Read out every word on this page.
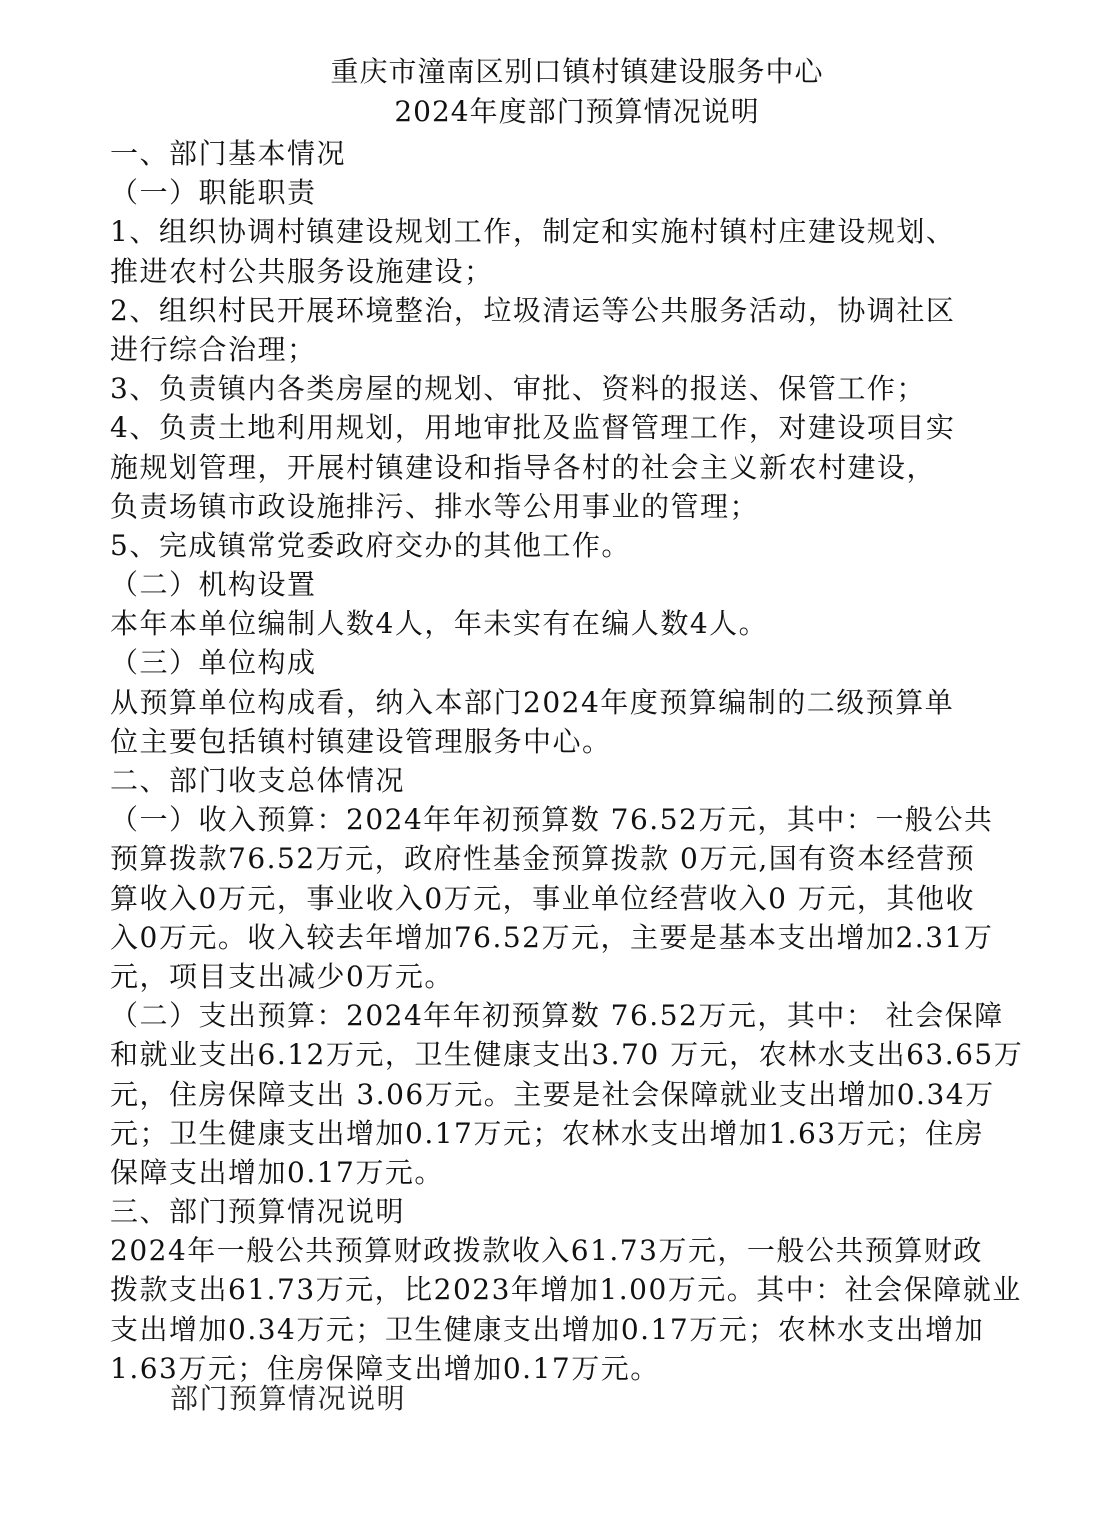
重庆市潼南区别口镇村镇建设服务中心
2024年度部门预算情况说明
一、部门基本情况
（一）职能职责
1、组织协调村镇建设规划工作，制定和实施村镇村庄建设规划、
推进农村公共服务设施建设；
2、组织村民开展环境整治，垃圾清运等公共服务活动，协调社区
进行综合治理；
3、负责镇内各类房屋的规划、审批、资料的报送、保管工作；
4、负责土地利用规划，用地审批及监督管理工作，对建设项目实
施规划管理，开展村镇建设和指导各村的社会主义新农村建设，
负责场镇市政设施排污、排水等公用事业的管理；
5、完成镇常党委政府交办的其他工作。
（二）机构设置
本年本单位编制人数4人，年未实有在编人数4人。
（三）单位构成
从预算单位构成看，纳入本部门2024年度预算编制的二级预算单
位主要包括镇村镇建设管理服务中心。
二、部门收支总体情况
（一）收入预算：2024年年初预算数 76.52万元，其中：一般公共
预算拨款76.52万元，政府性基金预算拨款 0万元,国有资本经营预
算收入0万元，事业收入0万元，事业单位经营收入0 万元，其他收
入0万元。收入较去年增加76.52万元，主要是基本支出增加2.31万
元，项目支出减少0万元。
（二）支出预算：2024年年初预算数 76.52万元，其中： 社会保障
和就业支出6.12万元，卫生健康支出3.70 万元，农林水支出63.65万
元，住房保障支出 3.06万元。主要是社会保障就业支出增加0.34万
元；卫生健康支出增加0.17万元；农林水支出增加1.63万元；住房
保障支出增加0.17万元。
三、部门预算情况说明
2024年一般公共预算财政拨款收入61.73万元，一般公共预算财政
拨款支出61.73万元，比2023年增加1.00万元。其中：社会保障就业
支出增加0.34万元；卫生健康支出增加0.17万元；农林水支出增加
1.63万元；住房保障支出增加0.17万元。
部门预算情况说明
